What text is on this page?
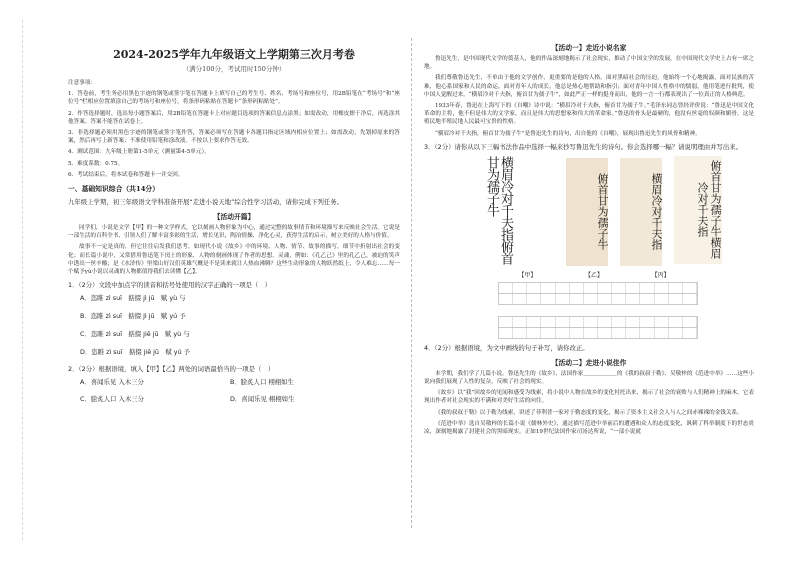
2024-2025学年九年级语文上学期第三次月考卷
（满分100分，考试用时150分钟）

注意事项：

1．答卷前，考生务必用黑色字迹的钢笔或签字笔在答题卡上填写自己的考生号、姓名、考场号和座位号，用2B铅笔在“考场号”和“座位号”栏相应位置填涂自己的考场号和座位号。将条形码粘贴在答题卡“条形码粘贴处”。

2．作答选择题时，选出每小题答案后，用2B铅笔在答题卡上对应题目选项的答案信息点涂黑；如需改动，用橡皮擦干净后，再选涂其他答案。答案不能答在试卷上。

3．非选择题必须用黑色字迹的钢笔或签字笔作答，答案必须写在答题卡各题目指定区域内相应位置上；如需改动，先划掉原来的答案，然后再写上新答案；不准使用铅笔和涂改液。不按以上要求作答无效。

4．测试范围：九年级上册第1-5单元（测量第4-5单元）。

5．难度系数：0.75。

6．考试结束后，将本试卷和答题卡一并交回。

一、基础知识综合（共14分）
九年级上学期，初三年级语文学科准备开展“走进小说天地”综合性学习活动，请你完成下列任务。
【活动开篇】

同学们，小说是文学【甲】的一种文学样式，它以刻画人物形象为中心，通过完整的故事情节和环境描写来反映社会生活。它说是一部生活的百科全书，引领人们了解丰富多彩的生活，增长见识，陶冶情操，净化心灵，获得生活的启示，树立美好的人格与价值。

故事不一定是真的，但它往往启发我们思考。如现代小说《故乡》中的环境、人物、情节、故事的描写，细节中折射出社会的变化；而长篇小说中，又常借用鲁迅笔下闰土的形象，人物的刻画体现了作者的思想。灵魂，例如：《孔乙己》里的孔乙己，被迫的笑声中透出一丝辛酸；是《水浒传》里梁山好汉们英雄气概是不是读来就让人热血沸腾？这些生动形象的人物跃然纸上，令人难忘……每一个赋予yù小说以灵魂的人物都值得我们去读懂【乙】。

1．（2分）文段中加点字的读音和括号处使用的汉字正确的一项是（　）
A．恣睢 zì suī　掂掇 jì jū　赋 yù 与
B．恣睢 zì suī　掂掇 jì jū　赋 yú 予
C．恣睢 zì suī　掂掇 jiē jū　赋 yù 与
D．恣睢 zì suī　掂掇 jiē jū　赋 yú 予
2．（2分）根据语境，填入【甲】【乙】两处的词语最恰当的一项是（　）
A．喜闻乐见 入木三分	B．脍炙人口 栩栩如生
C．脍炙人口 入木三分	D．喜闻乐见 栩栩如生
【活动一】走近小说名家

鲁迅先生，是中国现代文学的奠基人，他的作品深刻地揭示了社会现实，推动了中国文学的发展，在中国现代文学史上占有一席之地。

我们尊敬鲁迅先生，不单由于他的文学创作，更重要的是他的人格。面对黑暗社会的压迫，他始终一个心地揭露，面对民族的苦难，他心系国家和人民的命运。面对青年人的成长，他总是热心地帮助和指引；面对青年中国人性格中的懦弱，他用笔进行批判，使中国人觉醒过来。“横眉冷对千夫指，俯首甘为孺子牛”，如此严正一样的挺身而出，他的一言一行都表现出了一位真正的人格典范。

1933年春，鲁迅在上海写下的《自嘲》诗中说：“横眉冷对千夫指，俯首甘为孺子牛。”毛泽东同志曾经评价说：“鲁迅是中国文化革命的主将，他不但是伟大的文学家，而且是伟大的思想家和伟大的革命家。”鲁迅的骨头是最硬的，他没有丝毫的奴颜和媚骨，这是殖民地半殖民地人民最可宝贵的性格。

“横眉冷对千夫指，俯首甘为孺子牛”是鲁迅先生的诗句，出自他的《自嘲》，展现出鲁迅先生的风骨和精神。

3．（2分）请你从以下三幅书法作品中选择一幅来抄写鲁迅先生的诗句。你会选择哪一幅？请说明理由并写出来。
横眉冷对千夫指俯首甘为孺子牛	俯首甘为孺子牛	横眉冷对千夫指	俯首甘为孺子牛横眉冷对千夫指
【甲】	【乙】	【丙】
4．（2分）根据语境，为文中画线的句子补写，请你改正。
【活动二】走进小说佳作

本学期，我们学了几篇小说。鲁迅先生的《故乡》、法国作家＿＿＿＿＿＿的《我的叔叔于勒》、吴敬梓的《范进中举》……这些小说向我们展现了人性的复杂，反映了社会的现实。

《故乡》以“我”回故乡的见闻和感受为线索，将小说中人物在故乡的变化衬托出来，揭示了社会的衰败与人们精神上的麻木。它表现出作者对社会现实的不满和对美好生活的向往。

《我的叔叔于勒》以于勒为线索，讲述了菲利普一家对于勒态度的变化，揭示了资本主义社会人与人之间赤裸裸的金钱关系。

《范进中举》选自吴敬梓的长篇小说《儒林外史》，通过描写范进中举前后的遭遇和众人的态度变化，讽刺了科举制度下的世态炎凉，深刻地揭露了封建社会的黑暗现实。正如19世纪法国作家司汤达所说，“一部小说就
